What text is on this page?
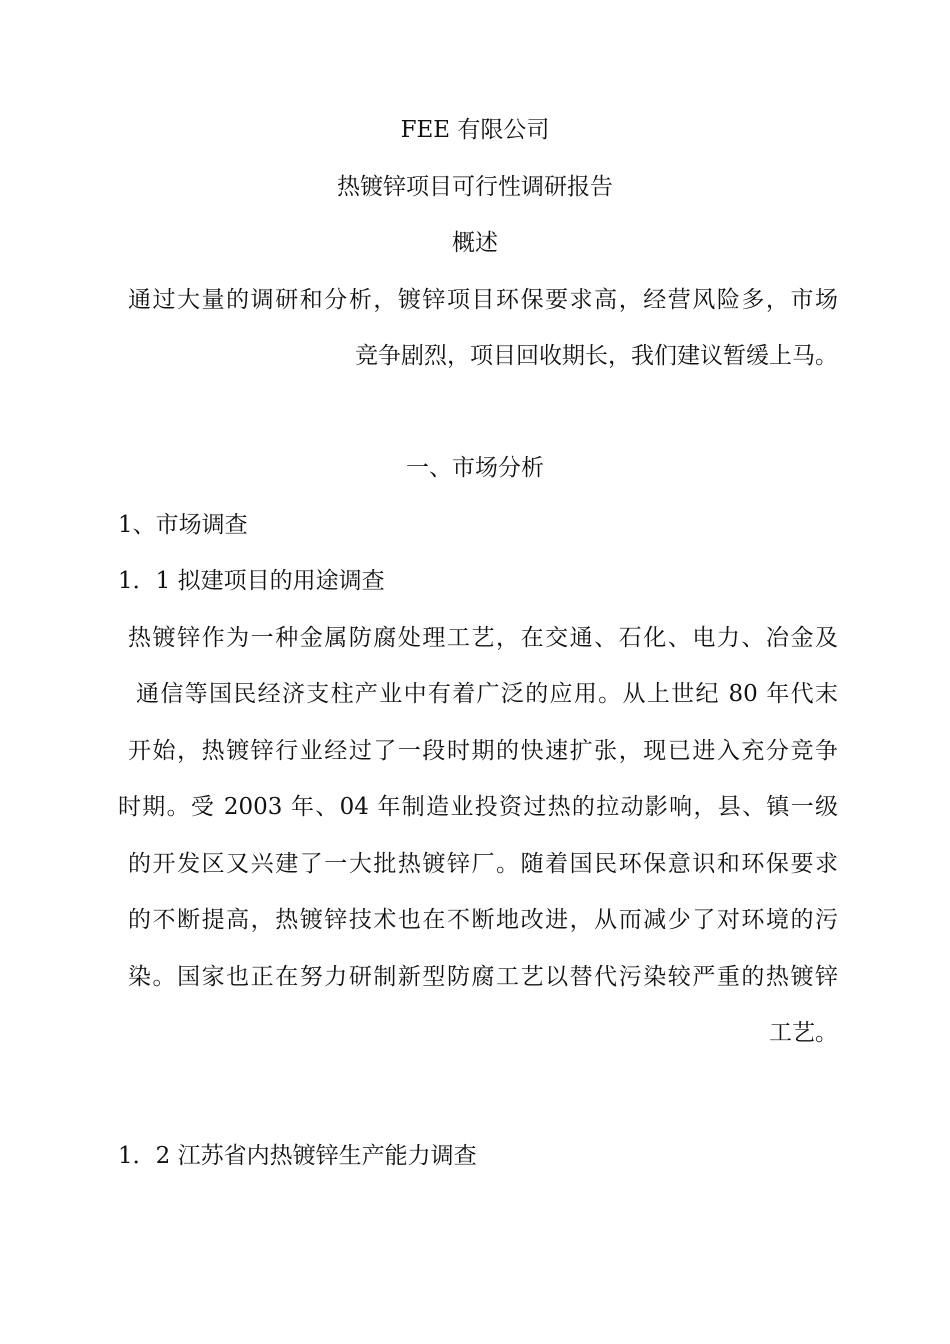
FEE 有限公司
热镀锌项目可行性调研报告
概述
通过大量的调研和分析，镀锌项目环保要求高，经营风险多，市场
竞争剧烈，项目回收期长，我们建议暂缓上马。
一、市场分析
1、市场调查
1．1 拟建项目的用途调查
热镀锌作为一种金属防腐处理工艺，在交通、石化、电力、冶金及
通信等国民经济支柱产业中有着广泛的应用。从上世纪 80 年代末
开始，热镀锌行业经过了一段时期的快速扩张，现已进入充分竞争
时期。受 2003 年、04 年制造业投资过热的拉动影响，县、镇一级
的开发区又兴建了一大批热镀锌厂。随着国民环保意识和环保要求
的不断提高，热镀锌技术也在不断地改进，从而减少了对环境的污
染。国家也正在努力研制新型防腐工艺以替代污染较严重的热镀锌
工艺。
1．2 江苏省内热镀锌生产能力调查
